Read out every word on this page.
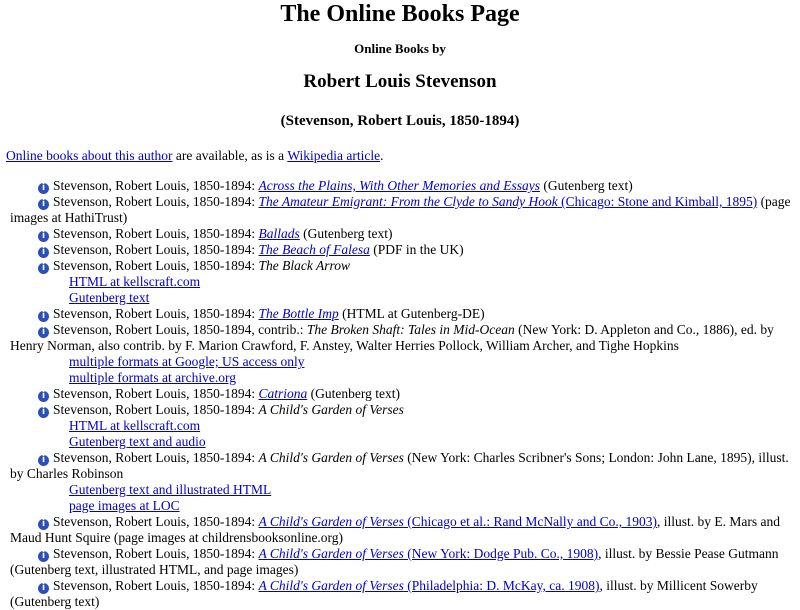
The Online Books Page
Online Books by
Robert Louis Stevenson
(Stevenson, Robert Louis, 1850-1894)
Online books about this author are available, as is a Wikipedia article.
i Stevenson, Robert Louis, 1850-1894: Across the Plains, With Other Memories and Essays (Gutenberg text)
i Stevenson, Robert Louis, 1850-1894: The Amateur Emigrant: From the Clyde to Sandy Hook (Chicago: Stone and Kimball, 1895) (page images at HathiTrust)
i Stevenson, Robert Louis, 1850-1894: Ballads (Gutenberg text)
i Stevenson, Robert Louis, 1850-1894: The Beach of Falesa (PDF in the UK)
i Stevenson, Robert Louis, 1850-1894: The Black Arrow
HTML at kellscraft.com
Gutenberg text
i Stevenson, Robert Louis, 1850-1894: The Bottle Imp (HTML at Gutenberg-DE)
i Stevenson, Robert Louis, 1850-1894, contrib.: The Broken Shaft: Tales in Mid-Ocean (New York: D. Appleton and Co., 1886), ed. by Henry Norman, also contrib. by F. Marion Crawford, F. Anstey, Walter Herries Pollock, William Archer, and Tighe Hopkins
multiple formats at Google; US access only
multiple formats at archive.org
i Stevenson, Robert Louis, 1850-1894: Catriona (Gutenberg text)
i Stevenson, Robert Louis, 1850-1894: A Child's Garden of Verses
HTML at kellscraft.com
Gutenberg text and audio
i Stevenson, Robert Louis, 1850-1894: A Child's Garden of Verses (New York: Charles Scribner's Sons; London: John Lane, 1895), illust. by Charles Robinson
Gutenberg text and illustrated HTML
page images at LOC
i Stevenson, Robert Louis, 1850-1894: A Child's Garden of Verses (Chicago et al.: Rand McNally and Co., 1903), illust. by E. Mars and Maud Hunt Squire (page images at childrensbooksonline.org)
i Stevenson, Robert Louis, 1850-1894: A Child's Garden of Verses (New York: Dodge Pub. Co., 1908), illust. by Bessie Pease Gutmann (Gutenberg text, illustrated HTML, and page images)
i Stevenson, Robert Louis, 1850-1894: A Child's Garden of Verses (Philadelphia: D. McKay, ca. 1908), illust. by Millicent Sowerby (Gutenberg text)
